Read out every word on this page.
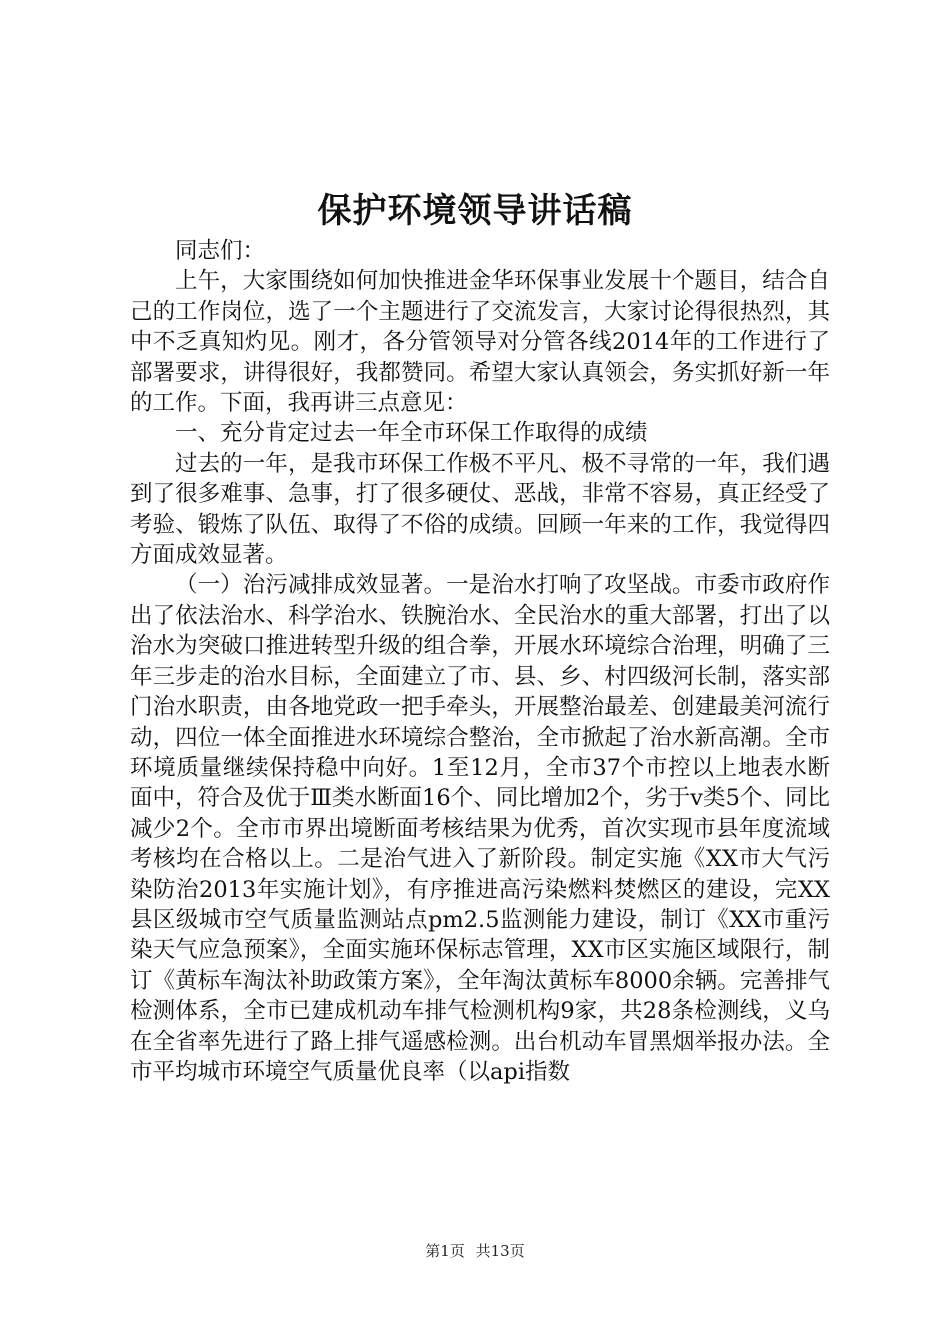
保护环境领导讲话稿

同志们：

上午，大家围绕如何加快推进金华环保事业发展十个题目，结合自己的工作岗位，选了一个主题进行了交流发言，大家讨论得很热烈，其中不乏真知灼见。刚才，各分管领导对分管各线2014年的工作进行了部署要求，讲得很好，我都赞同。希望大家认真领会，务实抓好新一年的工作。下面，我再讲三点意见：

一、充分肯定过去一年全市环保工作取得的成绩

过去的一年，是我市环保工作极不平凡、极不寻常的一年，我们遇到了很多难事、急事，打了很多硬仗、恶战，非常不容易，真正经受了考验、锻炼了队伍、取得了不俗的成绩。回顾一年来的工作，我觉得四方面成效显著。

（一）治污减排成效显著。一是治水打响了攻坚战。市委市政府作出了依法治水、科学治水、铁腕治水、全民治水的重大部署，打出了以治水为突破口推进转型升级的组合拳，开展水环境综合治理，明确了三年三步走的治水目标，全面建立了市、县、乡、村四级河长制，落实部门治水职责，由各地党政一把手牵头，开展整治最差、创建最美河流行动，四位一体全面推进水环境综合整治，全市掀起了治水新高潮。全市环境质量继续保持稳中向好。1至12月，全市37个市控以上地表水断面中，符合及优于Ⅲ类水断面16个、同比增加2个，劣于v类5个、同比减少2个。全市市界出境断面考核结果为优秀，首次实现市县年度流域考核均在合格以上。二是治气进入了新阶段。制定实施《XX市大气污染防治2013年实施计划》，有序推进高污染燃料焚燃区的建设，完XX县区级城市空气质量监测站点pm2.5监测能力建设，制订《XX市重污染天气应急预案》，全面实施环保标志管理，XX市区实施区域限行，制订《黄标车淘汰补助政策方案》，全年淘汰黄标车8000余辆。完善排气检测体系，全市已建成机动车排气检测机构9家，共28条检测线，义乌在全省率先进行了路上排气遥感检测。出台机动车冒黑烟举报办法。全市平均城市环境空气质量优良率（以api指数

第1页 共13页
